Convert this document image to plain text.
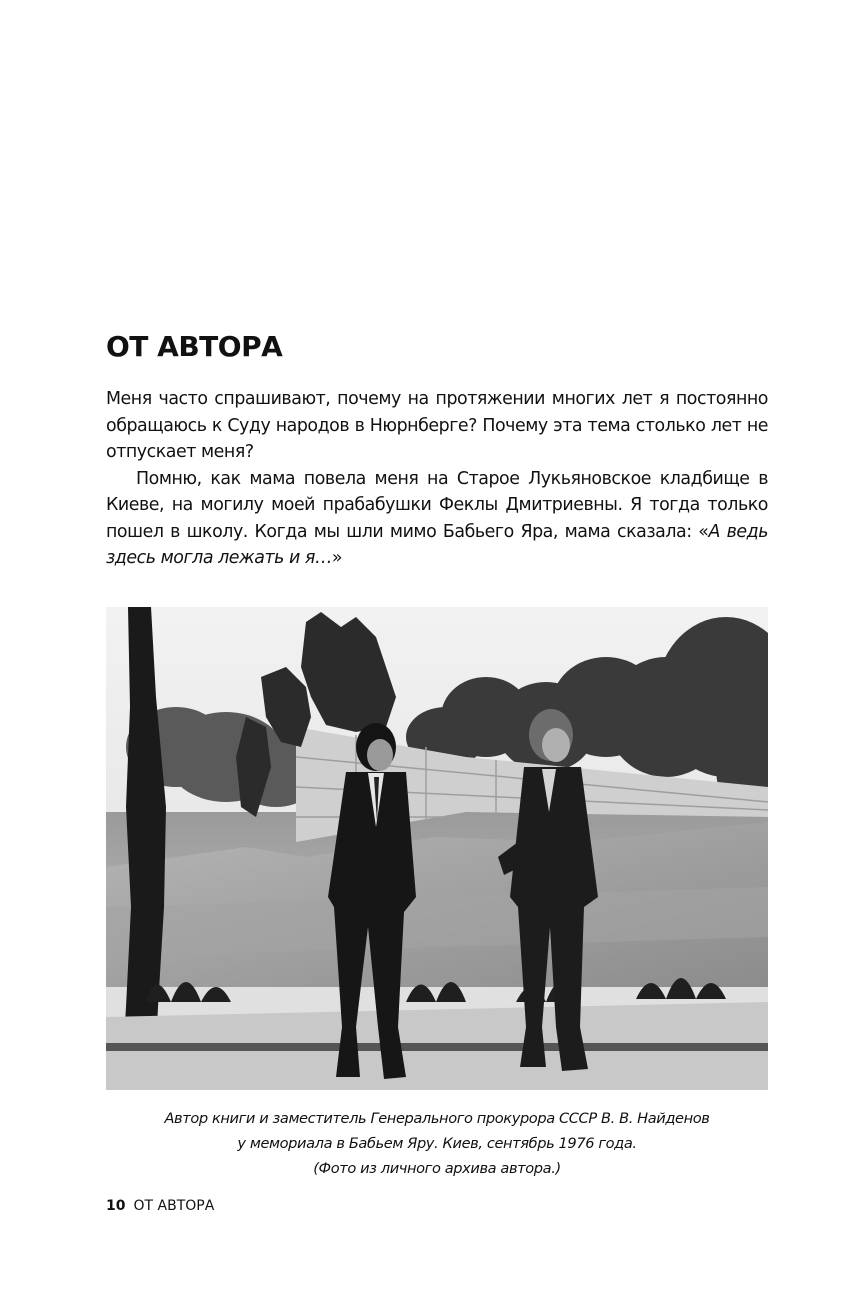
ОТ АВТОРА

Меня часто спрашивают, почему на протяжении многих лет я постоянно обращаюсь к Суду народов в Нюрнберге? Почему эта тема столько лет не отпускает меня?

Помню, как мама повела меня на Старое Лукьяновское кладбище в Киеве, на могилу моей прабабушки Феклы Дмитриевны. Я тогда только пошел в школу. Когда мы шли мимо Бабьего Яра, мама сказала: «А ведь здесь могла лежать и я…»

Автор книги и заместитель Генерального прокурора СССР В. В. Найденов
у мемориала в Бабьем Яру. Киев, сентябрь 1976 года.
(Фото из личного архива автора.)
10 ОТ АВТОРА
